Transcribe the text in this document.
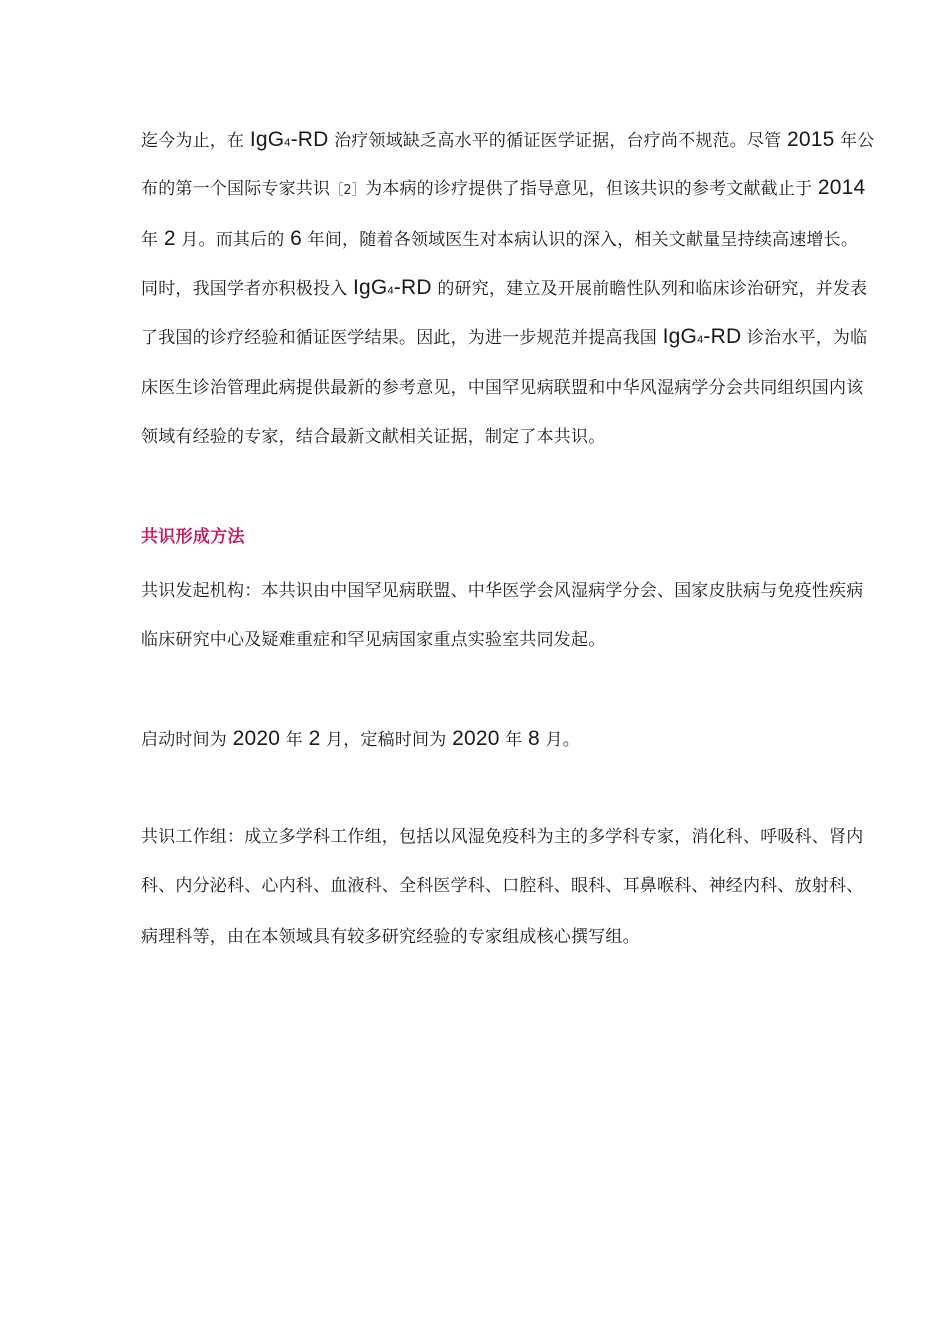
迄今为止，在 IgG4-RD 治疗领域缺乏高水平的循证医学证据，台疗尚不规范。尽管 2015 年公
布的第一个国际专家共识［2］为本病的诊疗提供了指导意见，但该共识的参考文献截止于 2014
年 2 月。而其后的 6 年间，随着各领域医生对本病认识的深入，相关文献量呈持续高速增长。
同时，我国学者亦积极投入 IgG4-RD 的研究，建立及开展前瞻性队列和临床诊治研究，并发表
了我国的诊疗经验和循证医学结果。因此，为进一步规范并提高我国 IgG4-RD 诊治水平，为临
床医生诊治管理此病提供最新的参考意见，中国罕见病联盟和中华风湿病学分会共同组织国内该
领域有经验的专家，结合最新文献相关证据，制定了本共识。
共识形成方法
共识发起机构：本共识由中国罕见病联盟、中华医学会风湿病学分会、国家皮肤病与免疫性疾病
临床研究中心及疑难重症和罕见病国家重点实验室共同发起。
启动时间为 2020 年 2 月，定稿时间为 2020 年 8 月。
共识工作组：成立多学科工作组，包括以风湿免疫科为主的多学科专家，消化科、呼吸科、肾内
科、内分泌科、心内科、血液科、全科医学科、口腔科、眼科、耳鼻喉科、神经内科、放射科、
病理科等，由在本领域具有较多研究经验的专家组成核心撰写组。
